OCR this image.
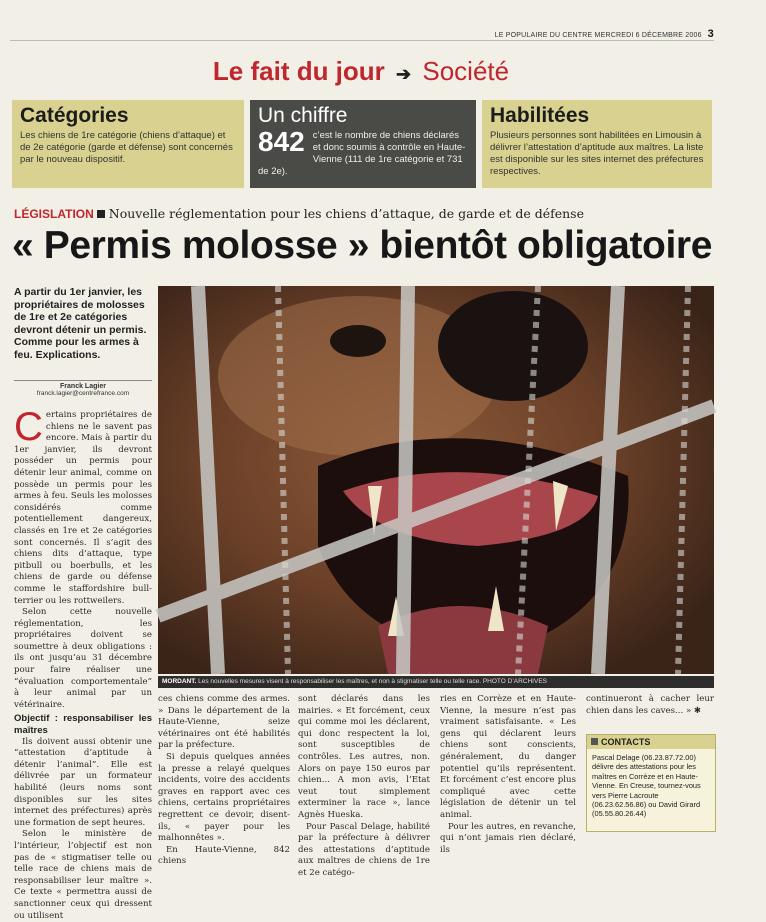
LE POPULAIRE DU CENTRE MERCREDI 6 DÉCEMBRE 2006 3
Le fait du jour ➔ Société
Catégories

Les chiens de 1re catégorie (chiens d’attaque) et de 2e catégorie (garde et défense) sont concernés par le nouveau dispositif.

Un chiffre
842 c’est le nombre de chiens déclarés et donc soumis à contrôle en Haute-Vienne (111 de 1re catégorie et 731 de 2e).

Habilitées

Plusieurs personnes sont habilitées en Limousin à délivrer l’attestation d’aptitude aux maîtres. La liste est disponible sur les sites internet des préfectures respectives.

LÉGISLATION Nouvelle réglementation pour les chiens d’attaque, de garde et de défense
« Permis molosse » bientôt obligatoire
A partir du 1er janvier, les propriétaires de molosses de 1re et 2e catégories devront détenir un permis. Comme pour les armes à feu. Explications.
Franck Lagier
franck.lagier@centrefrance.com

Certains propriétaires de chiens ne le savent pas encore. Mais à partir du 1er janvier, ils devront posséder un permis pour détenir leur animal, comme on possède un permis pour les armes à feu. Seuls les molosses considérés comme potentiellement dangereux, classés en 1re et 2e catégories sont concernés. Il s’agit des chiens dits d’attaque, type pitbull ou boerbulls, et les chiens de garde ou défense comme le staffordshire bull-terrier ou les rottweilers.

Selon cette nouvelle réglementation, les propriétaires doivent se soumettre à deux obligations : ils ont jusqu’au 31 décembre pour faire réaliser une “évaluation comportementale” à leur animal par un vétérinaire.

Objectif : responsabiliser les maîtres

Ils doivent aussi obtenir une “attestation d’aptitude à détenir l’animal”. Elle est délivrée par un formateur habilité (leurs noms sont disponibles sur les sites internet des préfectures) après une formation de sept heures.

Selon le ministère de l’intérieur, l’objectif est non pas de « stigmatiser telle ou telle race de chiens mais de responsabiliser leur maître ». Ce texte « permettra aussi de sanctionner ceux qui dressent ou utilisent

MORDANT. Les nouvelles mesures visent à responsabiliser les maîtres, et non à stigmatiser telle ou telle race. PHOTO D’ARCHIVES

ces chiens comme des armes. » Dans le département de la Haute-Vienne, seize vétérinaires ont été habilités par la préfecture.

Si depuis quelques années la presse a relayé quelques incidents, voire des accidents graves en rapport avec ces chiens, certains propriétaires regrettent ce devoir, disent-ils, « payer pour les malhonnêtes ».

En Haute-Vienne, 842 chiens

sont déclarés dans les mairies. « Et forcément, ceux qui comme moi les déclarent, qui donc respectent la loi, sont susceptibles de contrôles. Les autres, non. Alors on paye 150 euros par chien... A mon avis, l’Etat veut tout simplement exterminer la race », lance Agnès Hueska.

Pour Pascal Delage, habilité par la préfecture à délivrer des attestations d’aptitude aux maîtres de chiens de 1re et 2e catégo-

ries en Corrèze et en Haute-Vienne, la mesure n’est pas vraiment satisfaisante. « Les gens qui déclarent leurs chiens sont conscients, généralement, du danger potentiel qu’ils représentent. Et forcément c’est encore plus compliqué avec cette législation de détenir un tel animal.

Pour les autres, en revanche, qui n’ont jamais rien déclaré, ils

continueront à cacher leur chien dans les caves... » ✱

CONTACTS

Pascal Delage (06.23.87.72.00) délivre des attestations pour les maîtres en Corrèze et en Haute-Vienne. En Creuse, tournez-vous vers Pierre Lacroute (06.23.62.56.86) ou David Girard (05.55.80.26.44)
